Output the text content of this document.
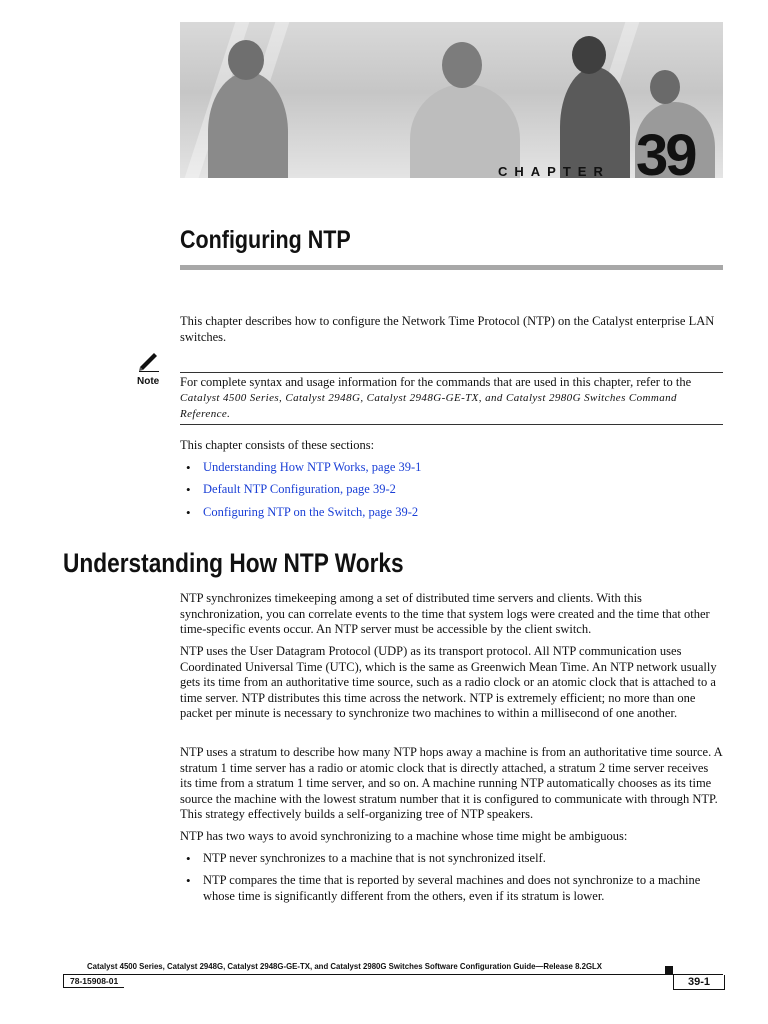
CHAPTER 39
Configuring NTP

This chapter describes how to configure the Network Time Protocol (NTP) on the Catalyst enterprise LAN switches.

Note For complete syntax and usage information for the commands that are used in this chapter, refer to the Catalyst 4500 Series, Catalyst 2948G, Catalyst 2948G-GE-TX, and Catalyst 2980G Switches Command Reference.

This chapter consists of these sections:

• Understanding How NTP Works, page 39-1
• Default NTP Configuration, page 39-2
• Configuring NTP on the Switch, page 39-2
Understanding How NTP Works

NTP synchronizes timekeeping among a set of distributed time servers and clients. With this synchronization, you can correlate events to the time that system logs were created and the time that other time-specific events occur. An NTP server must be accessible by the client switch.

NTP uses the User Datagram Protocol (UDP) as its transport protocol. All NTP communication uses Coordinated Universal Time (UTC), which is the same as Greenwich Mean Time. An NTP network usually gets its time from an authoritative time source, such as a radio clock or an atomic clock that is attached to a time server. NTP distributes this time across the network. NTP is extremely efficient; no more than one packet per minute is necessary to synchronize two machines to within a millisecond of one another.

NTP uses a stratum to describe how many NTP hops away a machine is from an authoritative time source. A stratum 1 time server has a radio or atomic clock that is directly attached, a stratum 2 time server receives its time from a stratum 1 time server, and so on. A machine running NTP automatically chooses as its time source the machine with the lowest stratum number that it is configured to communicate with through NTP. This strategy effectively builds a self-organizing tree of NTP speakers.

NTP has two ways to avoid synchronizing to a machine whose time might be ambiguous:

• NTP never synchronizes to a machine that is not synchronized itself.
• NTP compares the time that is reported by several machines and does not synchronize to a machine whose time is significantly different from the others, even if its stratum is lower.
Catalyst 4500 Series, Catalyst 2948G, Catalyst 2948G-GE-TX, and Catalyst 2980G Switches Software Configuration Guide—Release 8.2GLX
78-15908-01	39-1
